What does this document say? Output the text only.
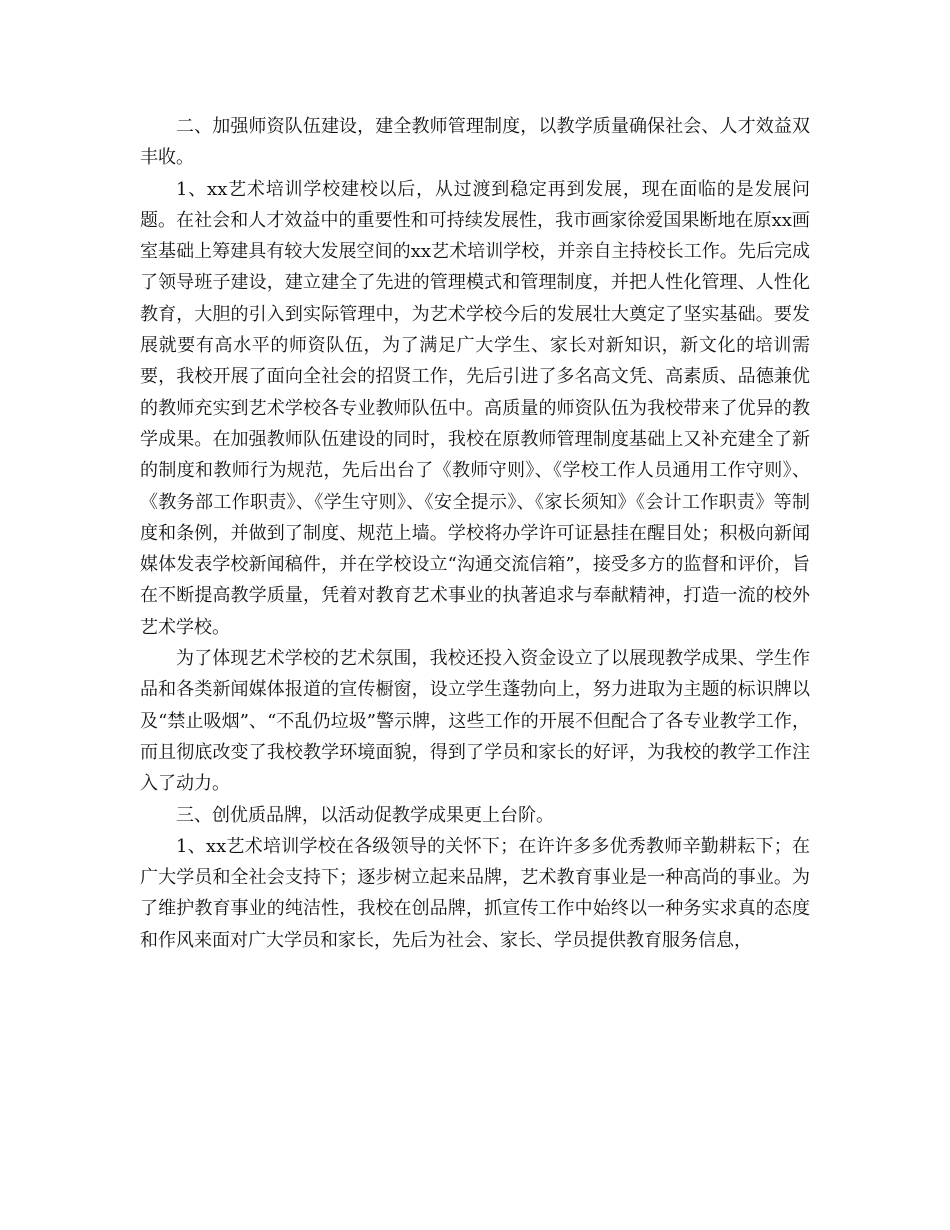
二、加强师资队伍建设，建全教师管理制度，以教学质量确保社会、人才效益双丰收。

1、xx艺术培训学校建校以后，从过渡到稳定再到发展，现在面临的是发展问题。在社会和人才效益中的重要性和可持续发展性，我市画家徐爱国果断地在原xx画室基础上筹建具有较大发展空间的xx艺术培训学校，并亲自主持校长工作。先后完成了领导班子建设，建立建全了先进的管理模式和管理制度，并把人性化管理、人性化教育，大胆的引入到实际管理中，为艺术学校今后的发展壮大奠定了坚实基础。要发展就要有高水平的师资队伍，为了满足广大学生、家长对新知识，新文化的培训需要，我校开展了面向全社会的招贤工作，先后引进了多名高文凭、高素质、品德兼优的教师充实到艺术学校各专业教师队伍中。高质量的师资队伍为我校带来了优异的教学成果。在加强教师队伍建设的同时，我校在原教师管理制度基础上又补充建全了新的制度和教师行为规范，先后出台了《教师守则》、《学校工作人员通用工作守则》、《教务部工作职责》、《学生守则》、《安全提示》、《家长须知》《会计工作职责》等制度和条例，并做到了制度、规范上墙。学校将办学许可证悬挂在醒目处；积极向新闻媒体发表学校新闻稿件，并在学校设立“沟通交流信箱”，接受多方的监督和评价，旨在不断提高教学质量，凭着对教育艺术事业的执著追求与奉献精神，打造一流的校外艺术学校。

为了体现艺术学校的艺术氛围，我校还投入资金设立了以展现教学成果、学生作品和各类新闻媒体报道的宣传橱窗，设立学生蓬勃向上，努力进取为主题的标识牌以及“禁止吸烟”、“不乱仍垃圾”警示牌，这些工作的开展不但配合了各专业教学工作，而且彻底改变了我校教学环境面貌，得到了学员和家长的好评，为我校的教学工作注入了动力。

三、创优质品牌，以活动促教学成果更上台阶。

1、xx艺术培训学校在各级领导的关怀下；在许许多多优秀教师辛勤耕耘下；在广大学员和全社会支持下；逐步树立起来品牌，艺术教育事业是一种高尚的事业。为了维护教育事业的纯洁性，我校在创品牌，抓宣传工作中始终以一种务实求真的态度和作风来面对广大学员和家长，先后为社会、家长、学员提供教育服务信息，
